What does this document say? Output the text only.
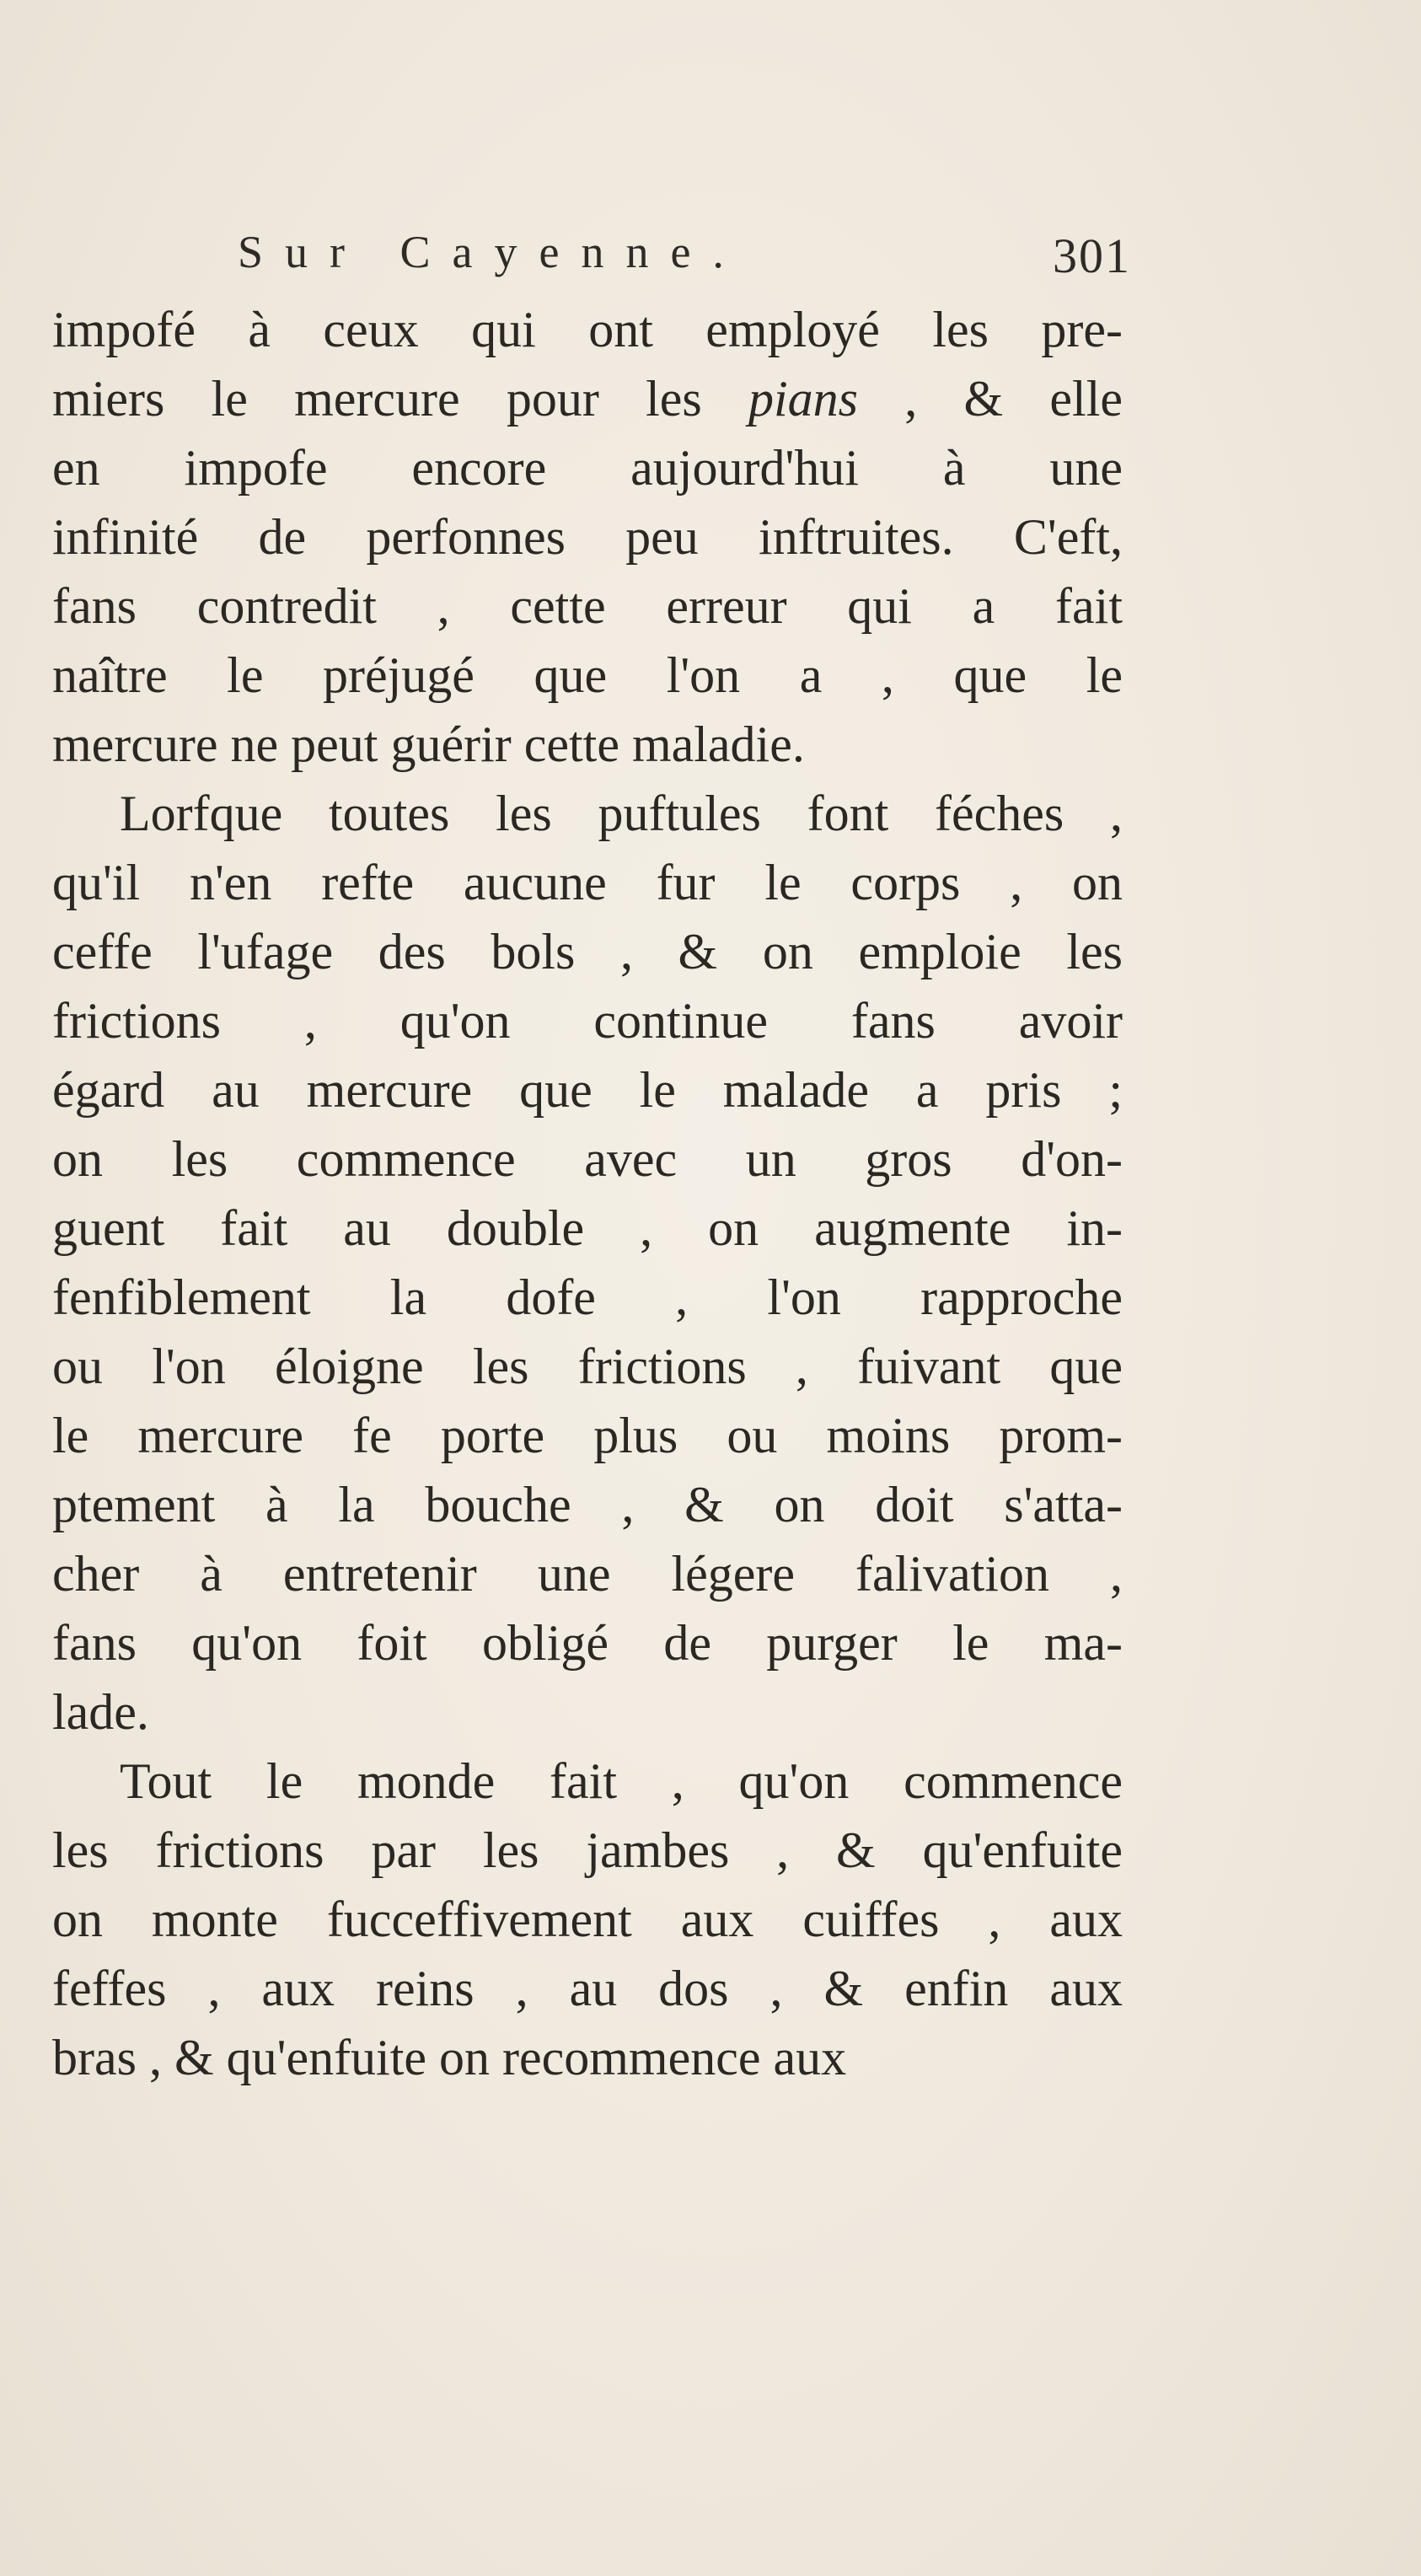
Sur Cayenne.	301
impofé à ceux qui ont employé les pre-
miers le mercure pour les pians , & elle
en impofe encore aujourd'hui à une
infinité de perfonnes peu inftruites. C'eft,
fans contredit , cette erreur qui a fait
naître le préjugé que l'on a , que le
mercure ne peut guérir cette maladie.
Lorfque toutes les puftules font féches ,
qu'il n'en refte aucune fur le corps , on
ceffe l'ufage des bols , & on emploie les
frictions , qu'on continue fans avoir
égard au mercure que le malade a pris ;
on les commence avec un gros d'on-
guent fait au double , on augmente in-
fenfiblement la dofe , l'on rapproche
ou l'on éloigne les frictions , fuivant que
le mercure fe porte plus ou moins prom-
ptement à la bouche , & on doit s'atta-
cher à entretenir une légere falivation ,
fans qu'on foit obligé de purger le ma-
lade.
Tout le monde fait , qu'on commence
les frictions par les jambes , & qu'enfuite
on monte fucceffivement aux cuiffes , aux
feffes , aux reins , au dos , & enfin aux
bras , & qu'enfuite on recommence aux
